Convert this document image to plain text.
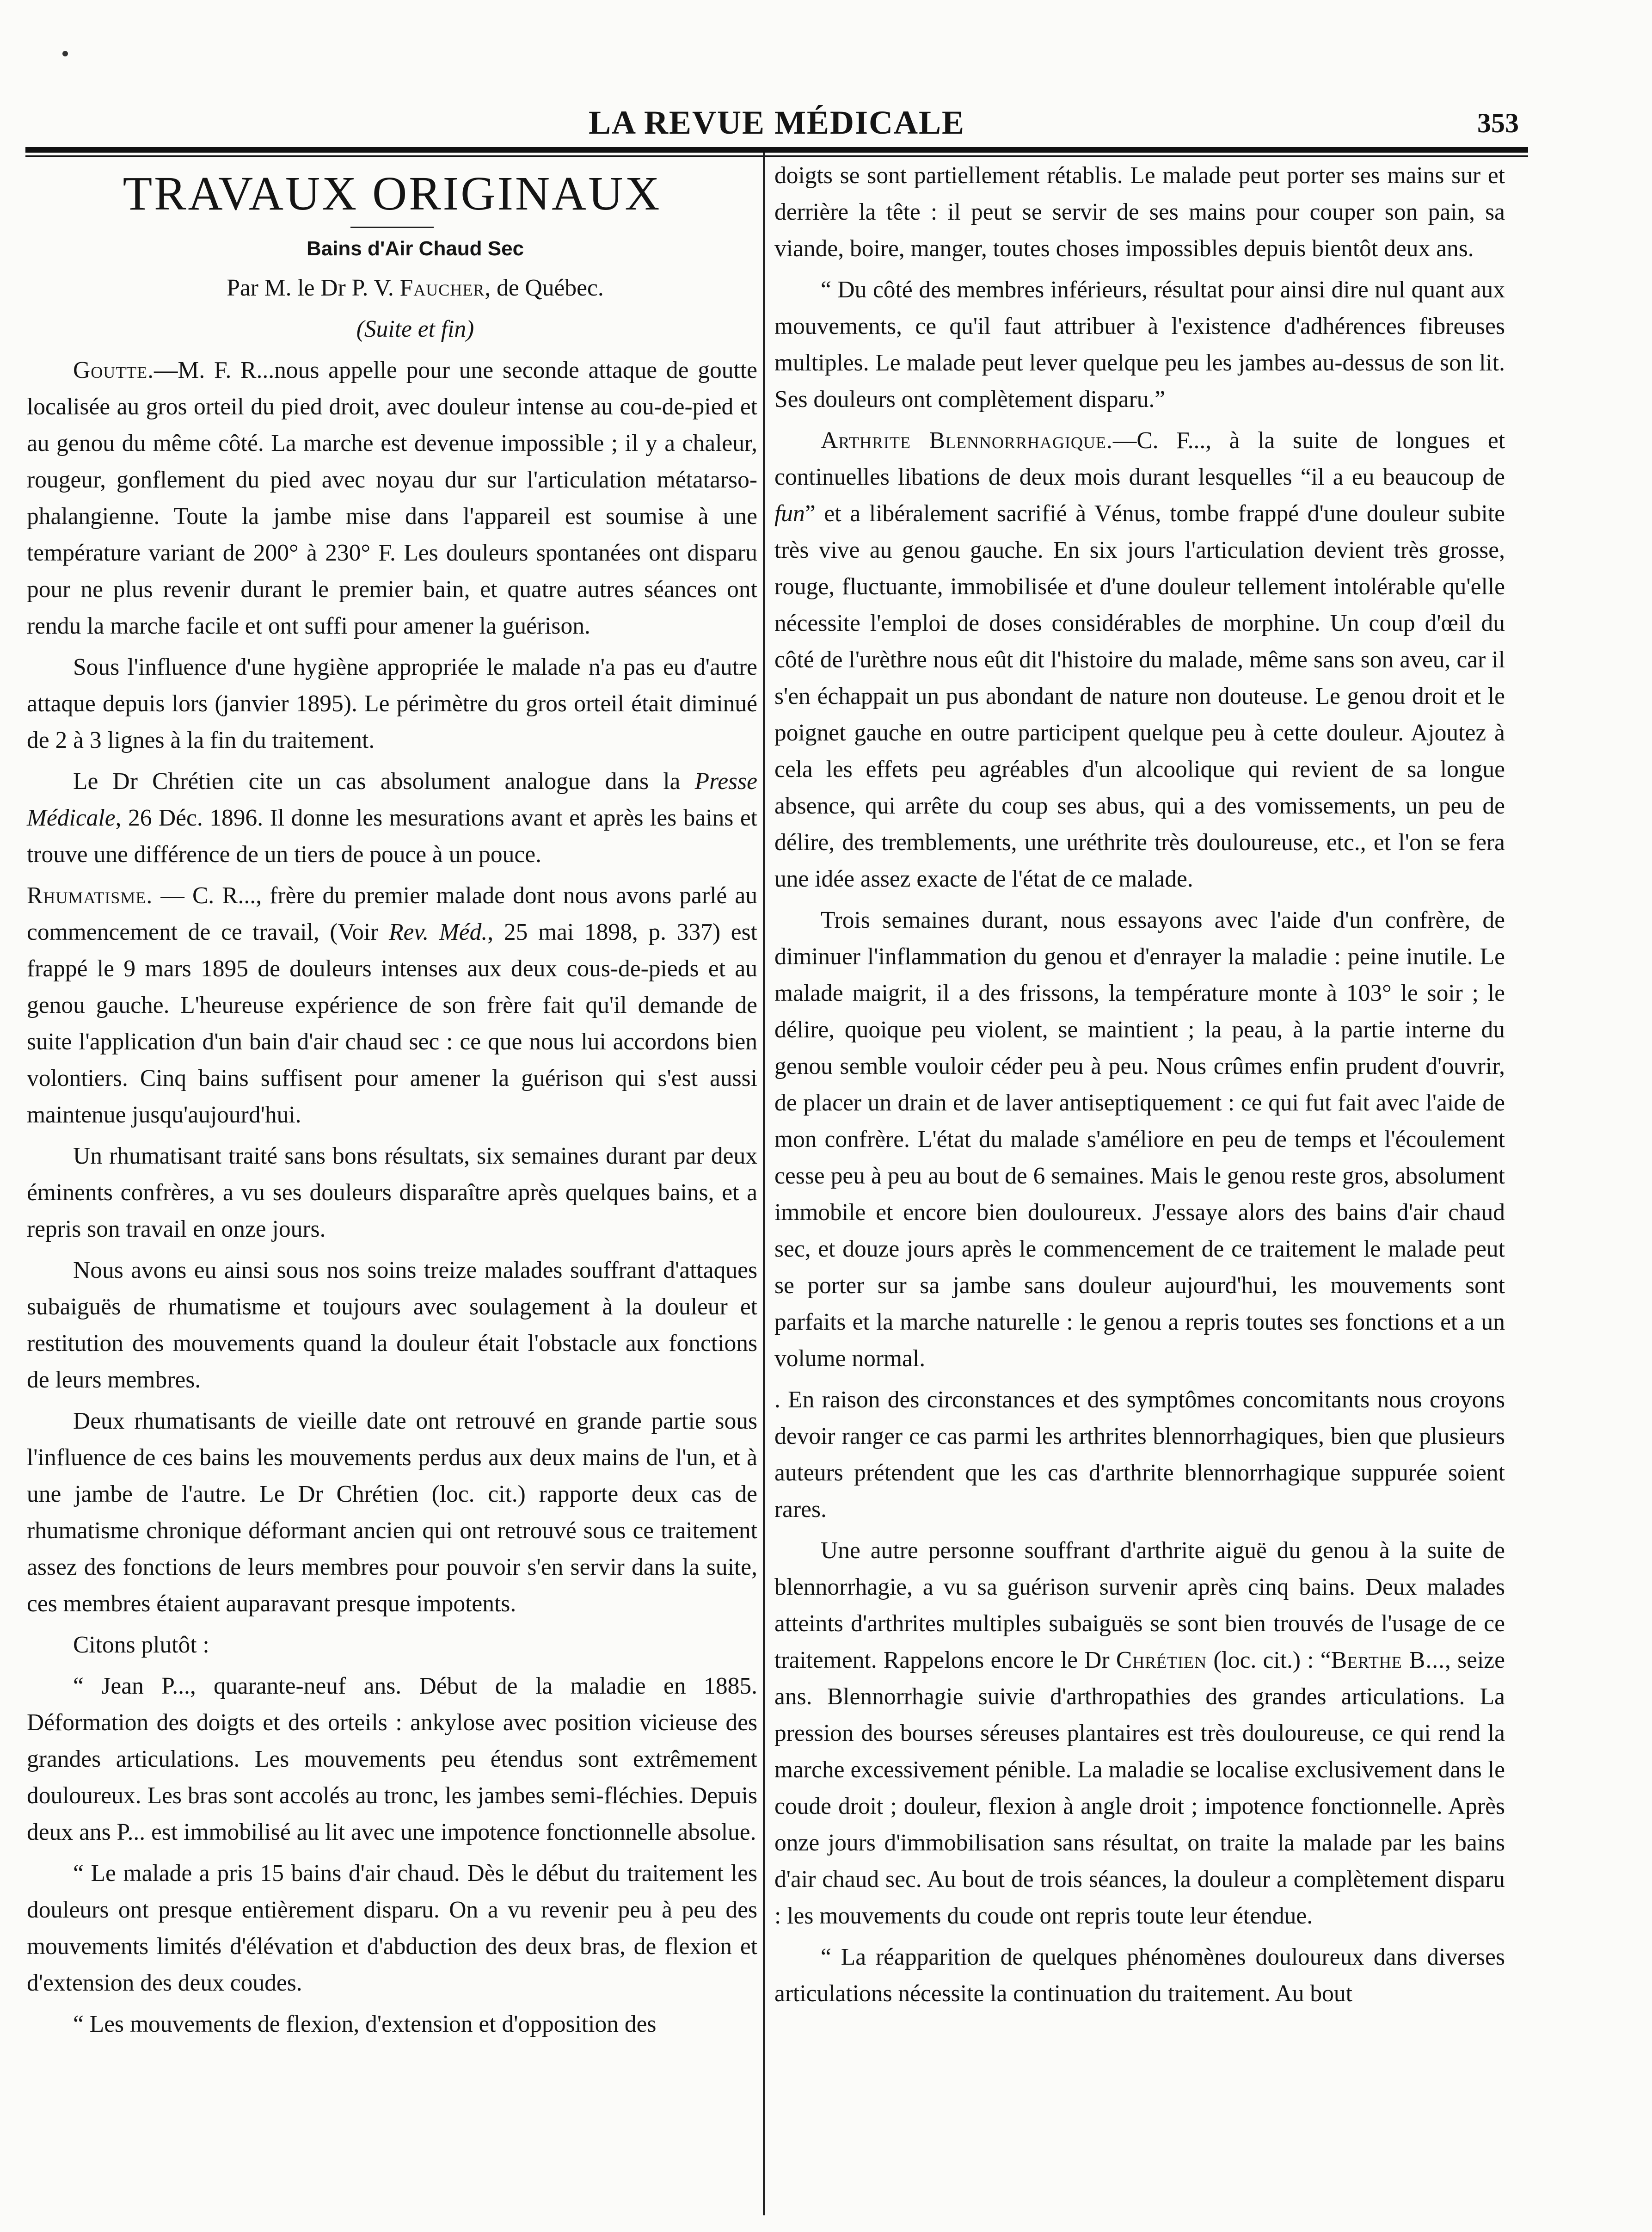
LA REVUE MÉDICALE	353
TRAVAUX ORIGINAUX

Bains d'Air Chaud Sec

Par M. le Dr P. V. Faucher, de Québec.

(Suite et fin)

Goutte.—M. F. R...nous appelle pour une seconde attaque de goutte localisée au gros orteil du pied droit, avec douleur intense au cou-de-pied et au genou du même côté. La marche est devenue impossible ; il y a chaleur, rougeur, gonflement du pied avec noyau dur sur l'articulation métatarso-phalangienne. Toute la jambe mise dans l'appareil est soumise à une température variant de 200° à 230° F. Les douleurs spontanées ont disparu pour ne plus revenir durant le premier bain, et quatre autres séances ont rendu la marche facile et ont suffi pour amener la guérison.

Sous l'influence d'une hygiène appropriée le malade n'a pas eu d'autre attaque depuis lors (janvier 1895). Le périmètre du gros orteil était diminué de 2 à 3 lignes à la fin du traitement.

Le Dr Chrétien cite un cas absolument analogue dans la Presse Médicale, 26 Déc. 1896. Il donne les mesurations avant et après les bains et trouve une différence de un tiers de pouce à un pouce.

Rhumatisme. — C. R..., frère du premier malade dont nous avons parlé au commencement de ce travail, (Voir Rev. Méd., 25 mai 1898, p. 337) est frappé le 9 mars 1895 de douleurs intenses aux deux cous-de-pieds et au genou gauche. L'heureuse expérience de son frère fait qu'il demande de suite l'application d'un bain d'air chaud sec : ce que nous lui accordons bien volontiers. Cinq bains suffisent pour amener la guérison qui s'est aussi maintenue jusqu'aujourd'hui.

Un rhumatisant traité sans bons résultats, six semaines durant par deux éminents confrères, a vu ses douleurs disparaître après quelques bains, et a repris son travail en onze jours.

Nous avons eu ainsi sous nos soins treize malades souffrant d'attaques subaiguës de rhumatisme et toujours avec soulagement à la douleur et restitution des mouvements quand la douleur était l'obstacle aux fonctions de leurs membres.

Deux rhumatisants de vieille date ont retrouvé en grande partie sous l'influence de ces bains les mouvements perdus aux deux mains de l'un, et à une jambe de l'autre. Le Dr Chrétien (loc. cit.) rapporte deux cas de rhumatisme chronique déformant ancien qui ont retrouvé sous ce traitement assez des fonctions de leurs membres pour pouvoir s'en servir dans la suite, ces membres étaient auparavant presque impotents.

Citons plutôt :

“ Jean P..., quarante-neuf ans. Début de la maladie en 1885. Déformation des doigts et des orteils : ankylose avec position vicieuse des grandes articulations. Les mouvements peu étendus sont extrêmement douloureux. Les bras sont accolés au tronc, les jambes semi-fléchies. Depuis deux ans P... est immobilisé au lit avec une impotence fonctionnelle absolue.

“ Le malade a pris 15 bains d'air chaud. Dès le début du traitement les douleurs ont presque entièrement disparu. On a vu revenir peu à peu des mouvements limités d'élévation et d'abduction des deux bras, de flexion et d'extension des deux coudes.

“ Les mouvements de flexion, d'extension et d'opposition des

doigts se sont partiellement rétablis. Le malade peut porter ses mains sur et derrière la tête : il peut se servir de ses mains pour couper son pain, sa viande, boire, manger, toutes choses impossibles depuis bientôt deux ans.

“ Du côté des membres inférieurs, résultat pour ainsi dire nul quant aux mouvements, ce qu'il faut attribuer à l'existence d'adhérences fibreuses multiples. Le malade peut lever quelque peu les jambes au-dessus de son lit. Ses douleurs ont complètement disparu.”

Arthrite Blennorrhagique.—C. F..., à la suite de longues et continuelles libations de deux mois durant lesquelles “il a eu beaucoup de fun” et a libéralement sacrifié à Vénus, tombe frappé d'une douleur subite très vive au genou gauche. En six jours l'articulation devient très grosse, rouge, fluctuante, immobilisée et d'une douleur tellement intolérable qu'elle nécessite l'emploi de doses considérables de morphine. Un coup d'œil du côté de l'urèthre nous eût dit l'histoire du malade, même sans son aveu, car il s'en échappait un pus abondant de nature non douteuse. Le genou droit et le poignet gauche en outre participent quelque peu à cette douleur. Ajoutez à cela les effets peu agréables d'un alcoolique qui revient de sa longue absence, qui arrête du coup ses abus, qui a des vomissements, un peu de délire, des tremblements, une uréthrite très douloureuse, etc., et l'on se fera une idée assez exacte de l'état de ce malade.

Trois semaines durant, nous essayons avec l'aide d'un confrère, de diminuer l'inflammation du genou et d'enrayer la maladie : peine inutile. Le malade maigrit, il a des frissons, la température monte à 103° le soir ; le délire, quoique peu violent, se maintient ; la peau, à la partie interne du genou semble vouloir céder peu à peu. Nous crûmes enfin prudent d'ouvrir, de placer un drain et de laver antiseptiquement : ce qui fut fait avec l'aide de mon confrère. L'état du malade s'améliore en peu de temps et l'écoulement cesse peu à peu au bout de 6 semaines. Mais le genou reste gros, absolument immobile et encore bien douloureux. J'essaye alors des bains d'air chaud sec, et douze jours après le commencement de ce traitement le malade peut se porter sur sa jambe sans douleur aujourd'hui, les mouvements sont parfaits et la marche naturelle : le genou a repris toutes ses fonctions et a un volume normal.

. En raison des circonstances et des symptômes concomitants nous croyons devoir ranger ce cas parmi les arthrites blennorrhagiques, bien que plusieurs auteurs prétendent que les cas d'arthrite blennorrhagique suppurée soient rares.

Une autre personne souffrant d'arthrite aiguë du genou à la suite de blennorrhagie, a vu sa guérison survenir après cinq bains. Deux malades atteints d'arthrites multiples subaiguës se sont bien trouvés de l'usage de ce traitement. Rappelons encore le Dr Chrétien (loc. cit.) : “Berthe B..., seize ans. Blennorrhagie suivie d'arthropathies des grandes articulations. La pression des bourses séreuses plantaires est très douloureuse, ce qui rend la marche excessivement pénible. La maladie se localise exclusivement dans le coude droit ; douleur, flexion à angle droit ; impotence fonctionnelle. Après onze jours d'immobilisation sans résultat, on traite la malade par les bains d'air chaud sec. Au bout de trois séances, la douleur a complètement disparu : les mouvements du coude ont repris toute leur étendue.

“ La réapparition de quelques phénomènes douloureux dans diverses articulations nécessite la continuation du traitement. Au bout
